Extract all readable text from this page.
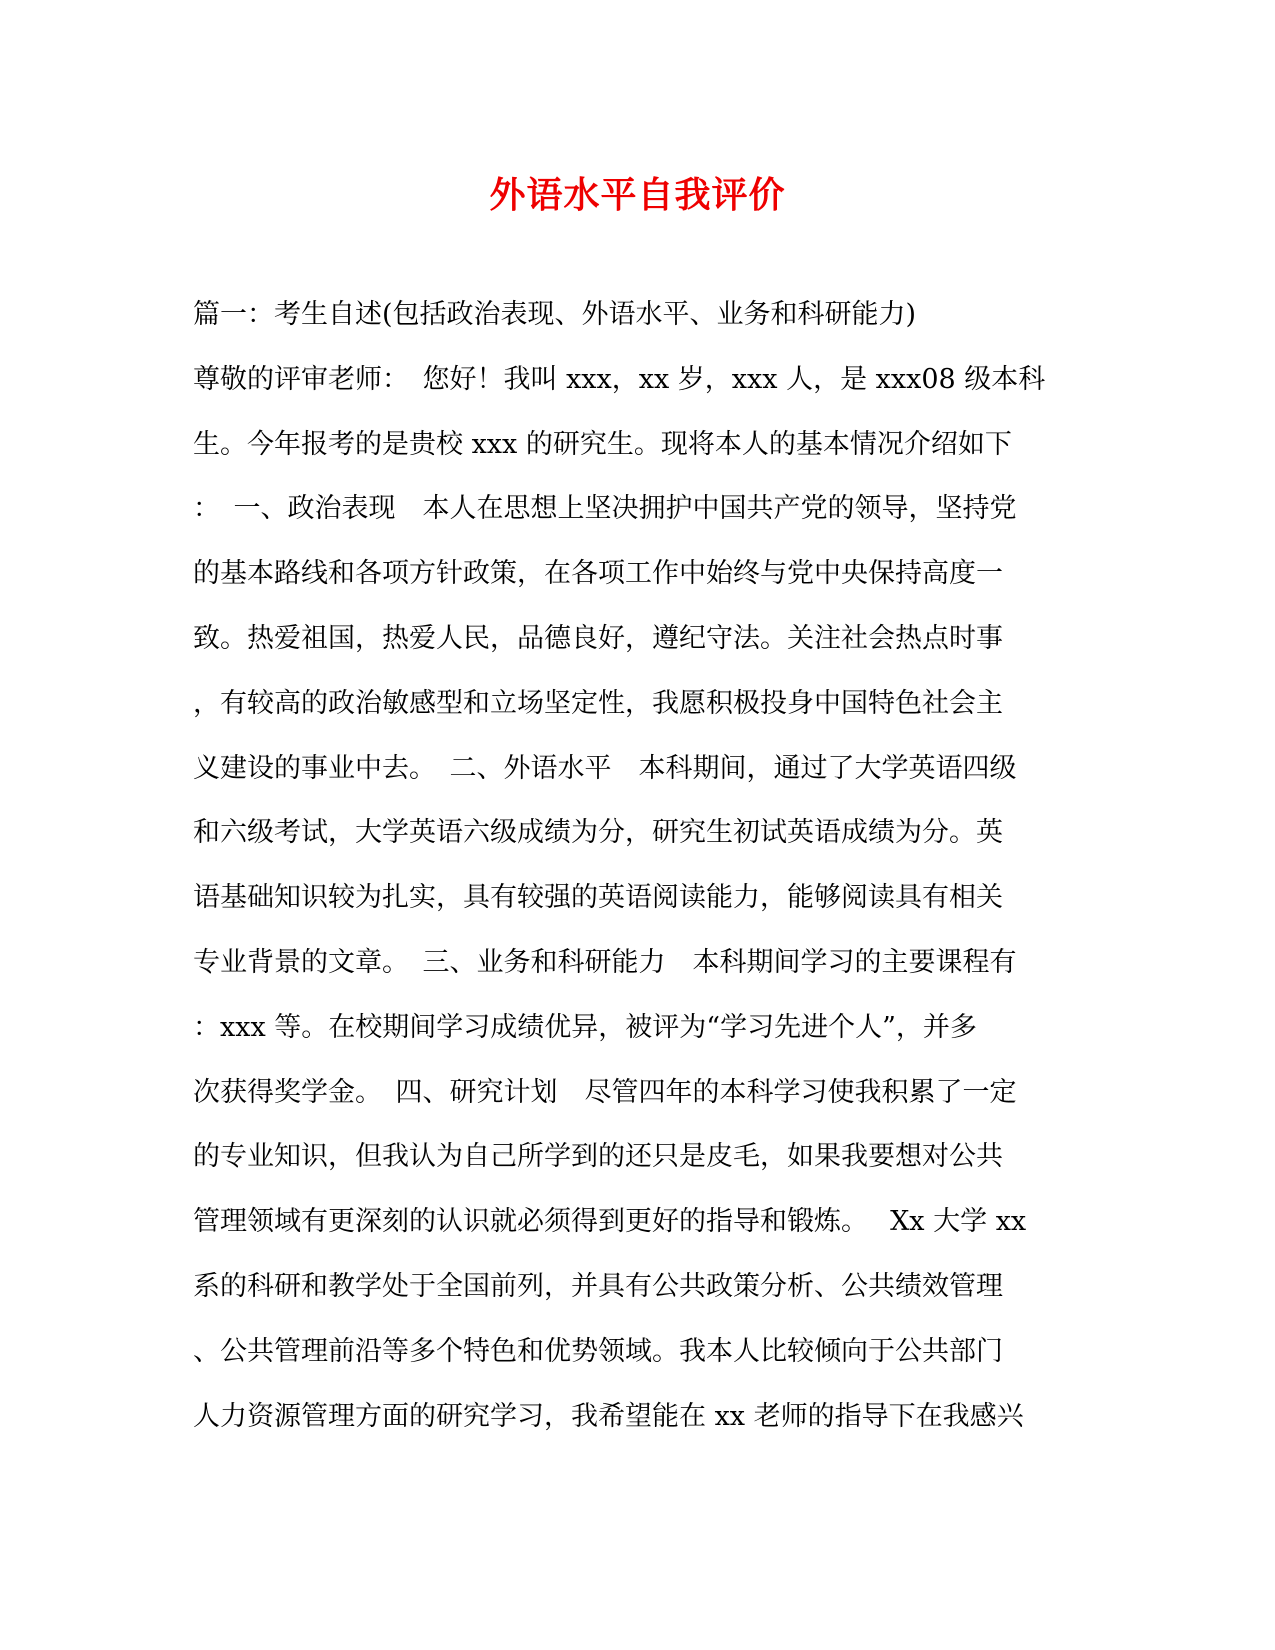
外语水平自我评价
篇一：考生自述(包括政治表现、外语水平、业务和科研能力)
尊敬的评审老师：　您好！我叫 xxx，xx 岁，xxx 人，是 xxx08 级本科
生。今年报考的是贵校 xxx 的研究生。现将本人的基本情况介绍如下
：　一、政治表现　本人在思想上坚决拥护中国共产党的领导，坚持党
的基本路线和各项方针政策，在各项工作中始终与党中央保持高度一
致。热爱祖国，热爱人民，品德良好，遵纪守法。关注社会热点时事
，有较高的政治敏感型和立场坚定性，我愿积极投身中国特色社会主
义建设的事业中去。　二、外语水平　本科期间，通过了大学英语四级
和六级考试，大学英语六级成绩为分，研究生初试英语成绩为分。英
语基础知识较为扎实，具有较强的英语阅读能力，能够阅读具有相关
专业背景的文章。　三、业务和科研能力　本科期间学习的主要课程有
：xxx 等。在校期间学习成绩优异，被评为“学习先进个人”，并多
次获得奖学金。　四、研究计划　尽管四年的本科学习使我积累了一定
的专业知识，但我认为自己所学到的还只是皮毛，如果我要想对公共
管理领域有更深刻的认识就必须得到更好的指导和锻炼。　 Xx 大学 xx
系的科研和教学处于全国前列，并具有公共政策分析、公共绩效管理
、公共管理前沿等多个特色和优势领域。我本人比较倾向于公共部门
人力资源管理方面的研究学习，我希望能在 xx 老师的指导下在我感兴
